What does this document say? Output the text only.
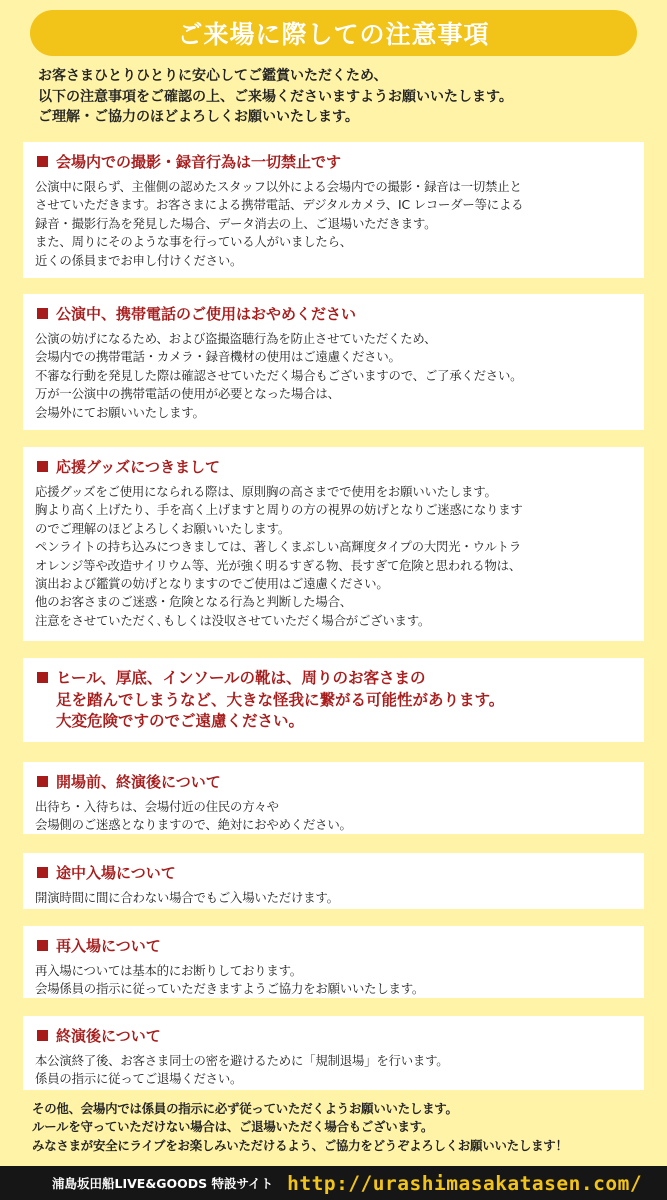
ご来場に際しての注意事項
お客さまひとりひとりに安心してご鑑賞いただくため、
以下の注意事項をご確認の上、ご来場くださいますようお願いいたします。
ご理解・ご協力のほどよろしくお願いいたします。
会場内での撮影・録音行為は一切禁止です
公演中に限らず、主催側の認めたスタッフ以外による会場内での撮影・録音は一切禁止と
させていただきます。お客さまによる携帯電話、デジタルカメラ、IC レコーダー等による
録音・撮影行為を発見した場合、データ消去の上、ご退場いただきます。
また、周りにそのような事を行っている人がいましたら、
近くの係員までお申し付けください。
公演中、携帯電話のご使用はおやめください
公演の妨げになるため、および盗撮盗聴行為を防止させていただくため、
会場内での携帯電話・カメラ・録音機材の使用はご遠慮ください。
不審な行動を発見した際は確認させていただく場合もございますので、ご了承ください。
万が一公演中の携帯電話の使用が必要となった場合は、
会場外にてお願いいたします。
応援グッズにつきまして
応援グッズをご使用になられる際は、原則胸の高さまでで使用をお願いいたします。
胸より高く上げたり、手を高く上げますと周りの方の視界の妨げとなりご迷惑になります
のでご理解のほどよろしくお願いいたします。
ペンライトの持ち込みにつきましては、著しくまぶしい高輝度タイプの大閃光・ウルトラ
オレンジ等や改造サイリウム等、光が強く明るすぎる物、長すぎて危険と思われる物は、
演出および鑑賞の妨げとなりますのでご使用はご遠慮ください。
他のお客さまのご迷惑・危険となる行為と判断した場合、
注意をさせていただく､もしくは没収させていただく場合がございます。
ヒール、厚底、インソールの靴は、周りのお客さまの
足を踏んでしまうなど、大きな怪我に繋がる可能性があります。
大変危険ですのでご遠慮ください。
開場前、終演後について
出待ち・入待ちは、会場付近の住民の方々や
会場側のご迷惑となりますので、絶対におやめください。
途中入場について
開演時間に間に合わない場合でもご入場いただけます。
再入場について
再入場については基本的にお断りしております。
会場係員の指示に従っていただきますようご協力をお願いいたします。
終演後について
本公演終了後、お客さま同士の密を避けるために「規制退場」を行います。
係員の指示に従ってご退場ください。
その他、会場内では係員の指示に必ず従っていただくようお願いいたします。
ルールを守っていただけない場合は、ご退場いただく場合もございます。
みなさまが安全にライブをお楽しみいただけるよう、ご協力をどうぞよろしくお願いいたします！
浦島坂田船LIVE&GOODS 特設サイト http://urashimasakatasen.com/
